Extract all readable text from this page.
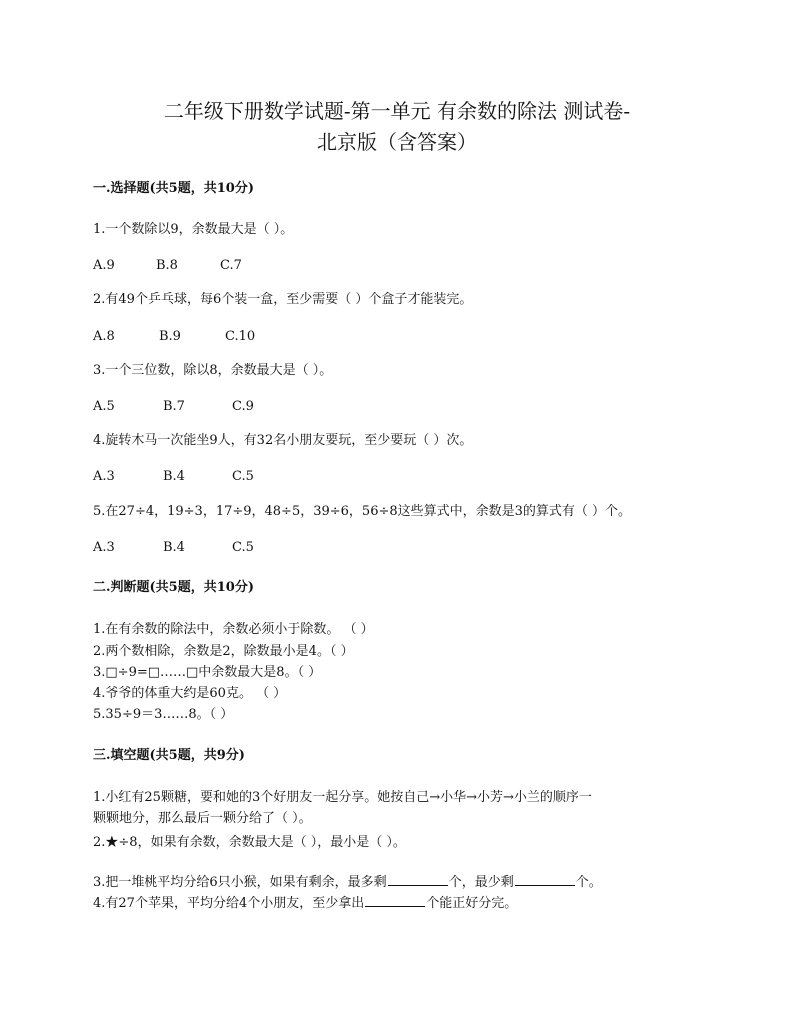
二年级下册数学试题-第一单元 有余数的除法 测试卷-
北京版（含答案）
一.选择题(共5题，共10分)
1.一个数除以9，余数最大是（ ）。
A.9	B.8	C.7
2.有49个乒乓球，每6个装一盒，至少需要（ ）个盒子才能装完。
A.8	B.9	C.10
3.一个三位数，除以8，余数最大是（ ）。
A.5	B.7	C.9
4.旋转木马一次能坐9人，有32名小朋友要玩，至少要玩（ ）次。
A.3	B.4	C.5
5.在27÷4，19÷3，17÷9，48÷5，39÷6，56÷8这些算式中，余数是3的算式有（ ）个。
A.3	B.4	C.5
二.判断题(共5题，共10分)
1.在有余数的除法中，余数必须小于除数。 （ ）
2.两个数相除，余数是2，除数最小是4。（ ）
3.□÷9=□……□中余数最大是8。（ ）
4.爷爷的体重大约是60克。 （ ）
5.35÷9＝3……8。（ ）
三.填空题(共5题，共9分)
1.小红有25颗糖，要和她的3个好朋友一起分享。她按自己→小华→小芳→小兰的顺序一
颗颗地分，那么最后一颗分给了（ ）。
2.★÷8，如果有余数，余数最大是（ ），最小是（ ）。
3.把一堆桃平均分给6只小猴，如果有剩余，最多剩	个，最少剩	个。
4.有27个苹果，平均分给4个小朋友，至少拿出	个能正好分完。
